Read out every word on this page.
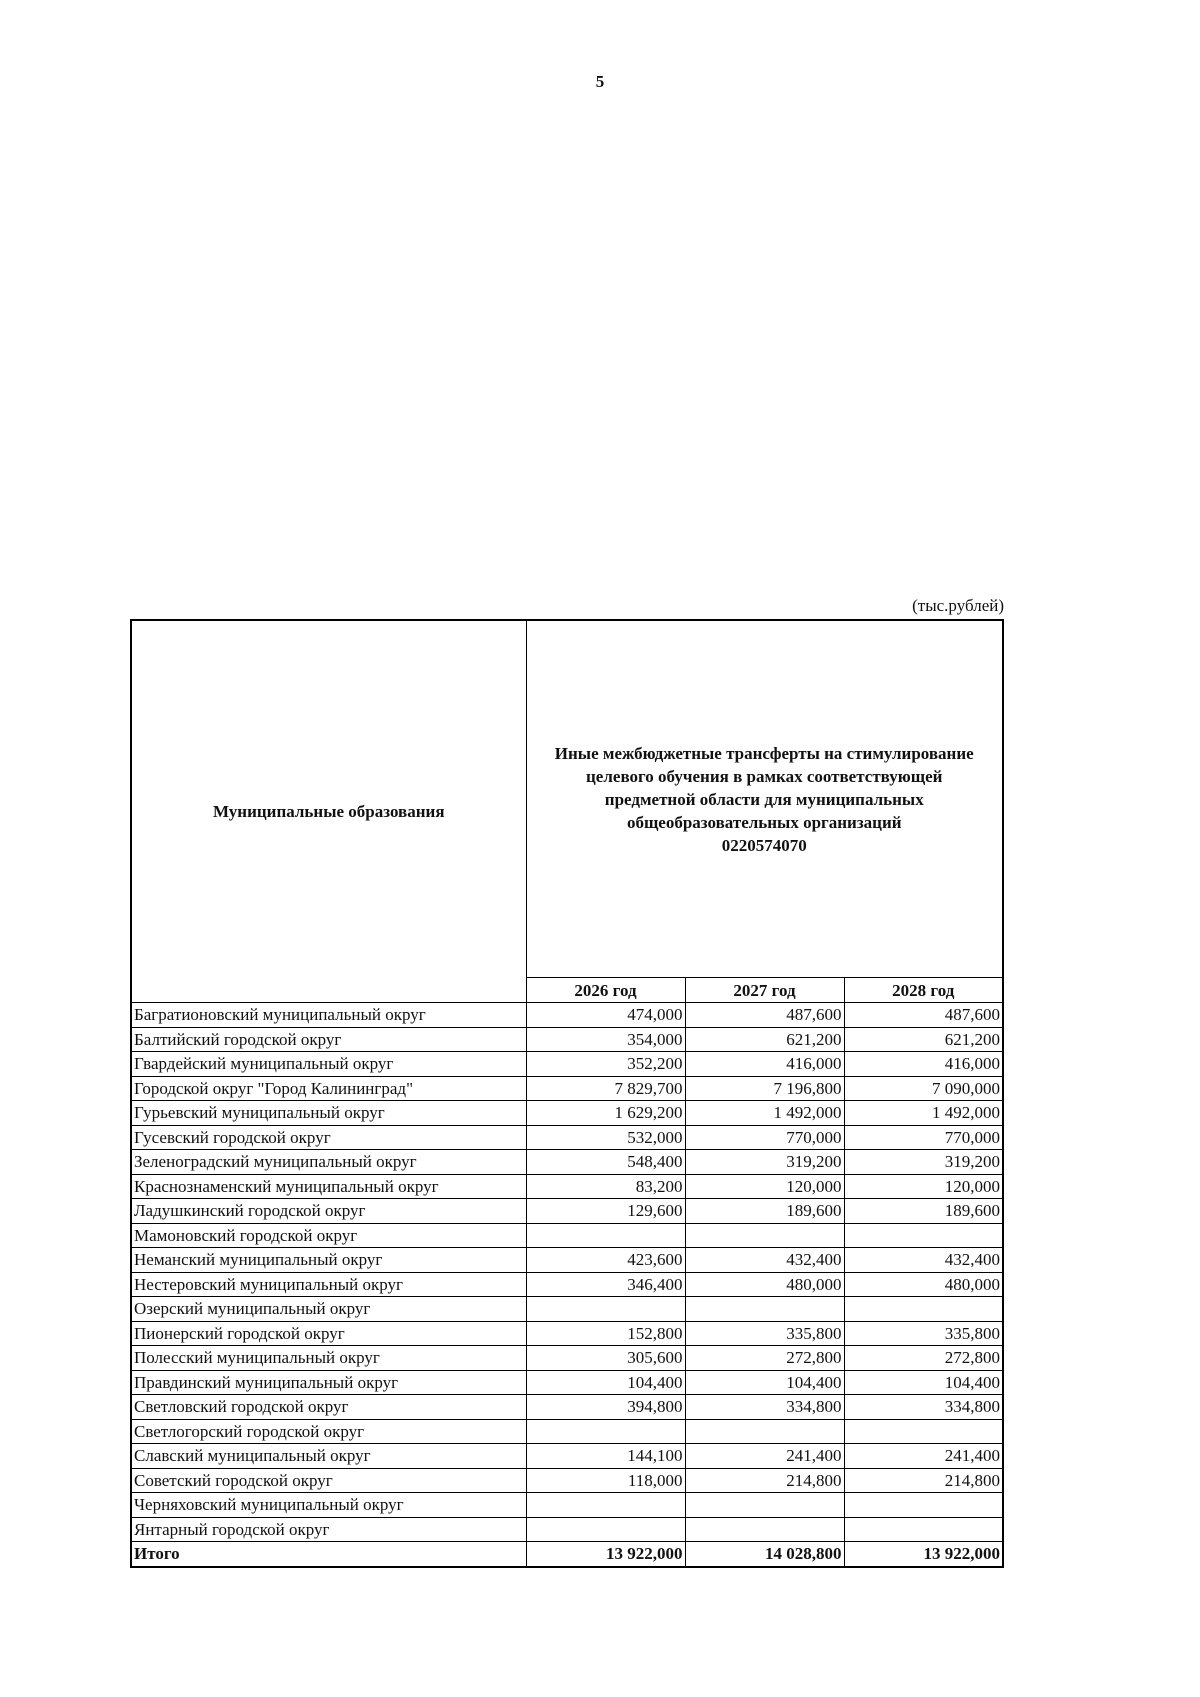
5
(тыс.рублей)
Муниципальные образования	Иные межбюджетные трансферты на стимулирование
целевого обучения в рамках соответствующей
предметной области для муниципальных
общеобразовательных организаций
0220574070		

	2026 год	2027 год	2028 год
Багратионовский муниципальный округ	474,000	487,600	487,600
Балтийский городской округ	354,000	621,200	621,200
Гвардейский муниципальный округ	352,200	416,000	416,000
Городской округ "Город Калининград"	7 829,700	7 196,800	7 090,000
Гурьевский муниципальный округ	1 629,200	1 492,000	1 492,000
Гусевский городской округ	532,000	770,000	770,000
Зеленоградский муниципальный округ	548,400	319,200	319,200
Краснознаменский муниципальный округ	83,200	120,000	120,000
Ладушкинский городской округ	129,600	189,600	189,600
Мамоновский городской округ			
Неманский муниципальный округ	423,600	432,400	432,400
Нестеровский муниципальный округ	346,400	480,000	480,000
Озерский муниципальный округ			
Пионерский городской округ	152,800	335,800	335,800
Полесский муниципальный округ	305,600	272,800	272,800
Правдинский муниципальный округ	104,400	104,400	104,400
Светловский городской округ	394,800	334,800	334,800
Светлогорский городской округ			
Славский муниципальный округ	144,100	241,400	241,400
Советский городской округ	118,000	214,800	214,800
Черняховский муниципальный округ			
Янтарный городской округ			
Итого	13 922,000	14 028,800	13 922,000
